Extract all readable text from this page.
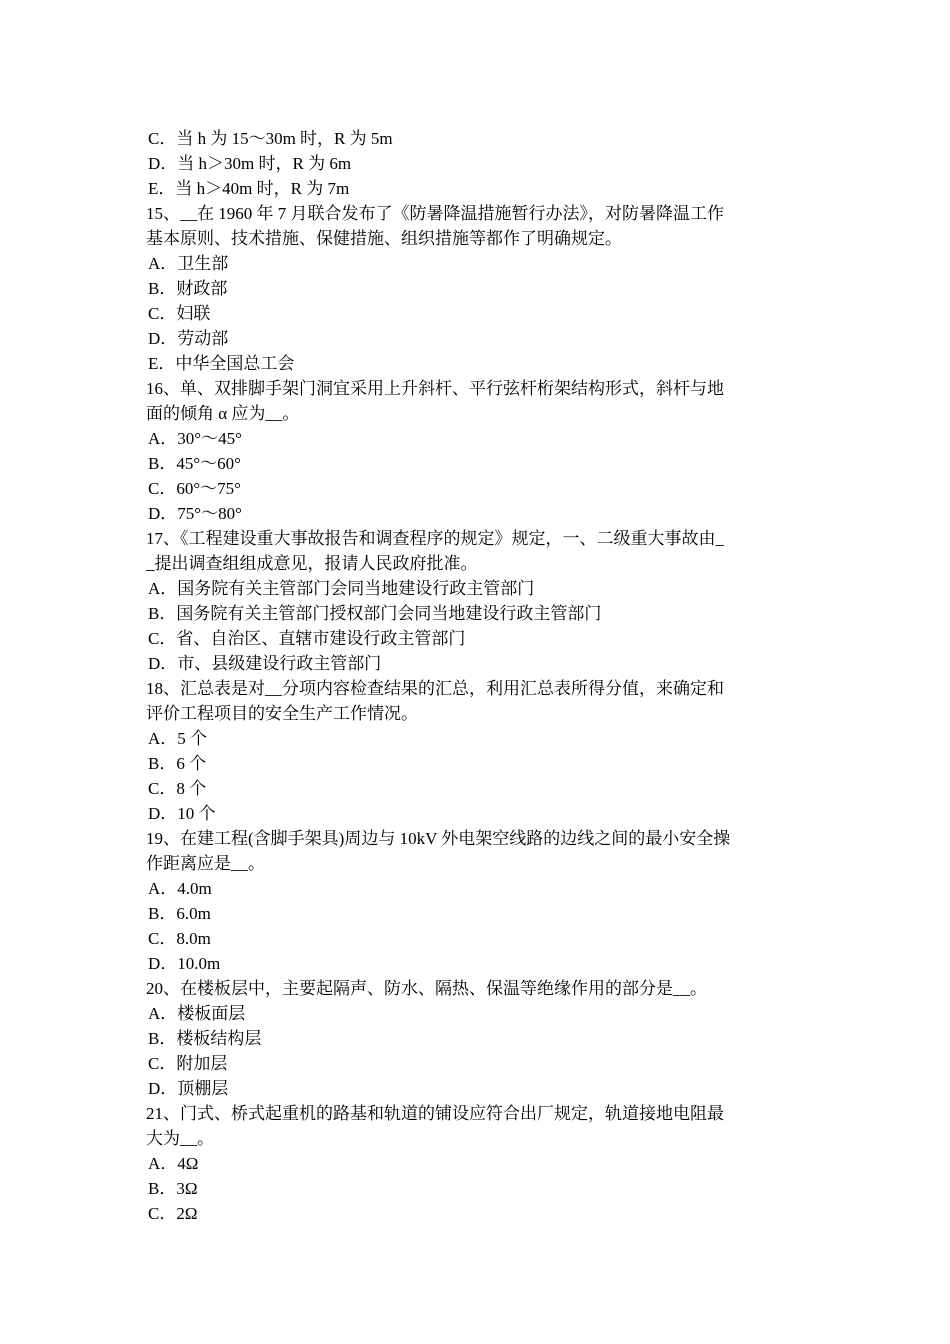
C．当 h 为 15～30m 时，R 为 5m
D．当 h＞30m 时，R 为 6m
E．当 h＞40m 时，R 为 7m
15、__在 1960 年 7 月联合发布了《防暑降温措施暂行办法》，对防暑降温工作
基本原则、技术措施、保健措施、组织措施等都作了明确规定。
A．卫生部
B．财政部
C．妇联
D．劳动部
E．中华全国总工会
16、单、双排脚手架门洞宜采用上升斜杆、平行弦杆桁架结构形式，斜杆与地
面的倾角 α 应为__。
A．30°～45°
B．45°～60°
C．60°～75°
D．75°～80°
17、《工程建设重大事故报告和调查程序的规定》规定，一、二级重大事故由_
_提出调查组组成意见，报请人民政府批准。
A．国务院有关主管部门会同当地建设行政主管部门
B．国务院有关主管部门授权部门会同当地建设行政主管部门
C．省、自治区、直辖市建设行政主管部门
D．市、县级建设行政主管部门
18、汇总表是对__分项内容检查结果的汇总，利用汇总表所得分值，来确定和
评价工程项目的安全生产工作情况。
A．5 个
B．6 个
C．8 个
D．10 个
19、在建工程(含脚手架具)周边与 10kV 外电架空线路的边线之间的最小安全操
作距离应是__。
A．4.0m
B．6.0m
C．8.0m
D．10.0m
20、在楼板层中，主要起隔声、防水、隔热、保温等绝缘作用的部分是__。
A．楼板面层
B．楼板结构层
C．附加层
D．顶棚层
21、门式、桥式起重机的路基和轨道的铺设应符合出厂规定，轨道接地电阻最
大为__。
A．4Ω
B．3Ω
C．2Ω
